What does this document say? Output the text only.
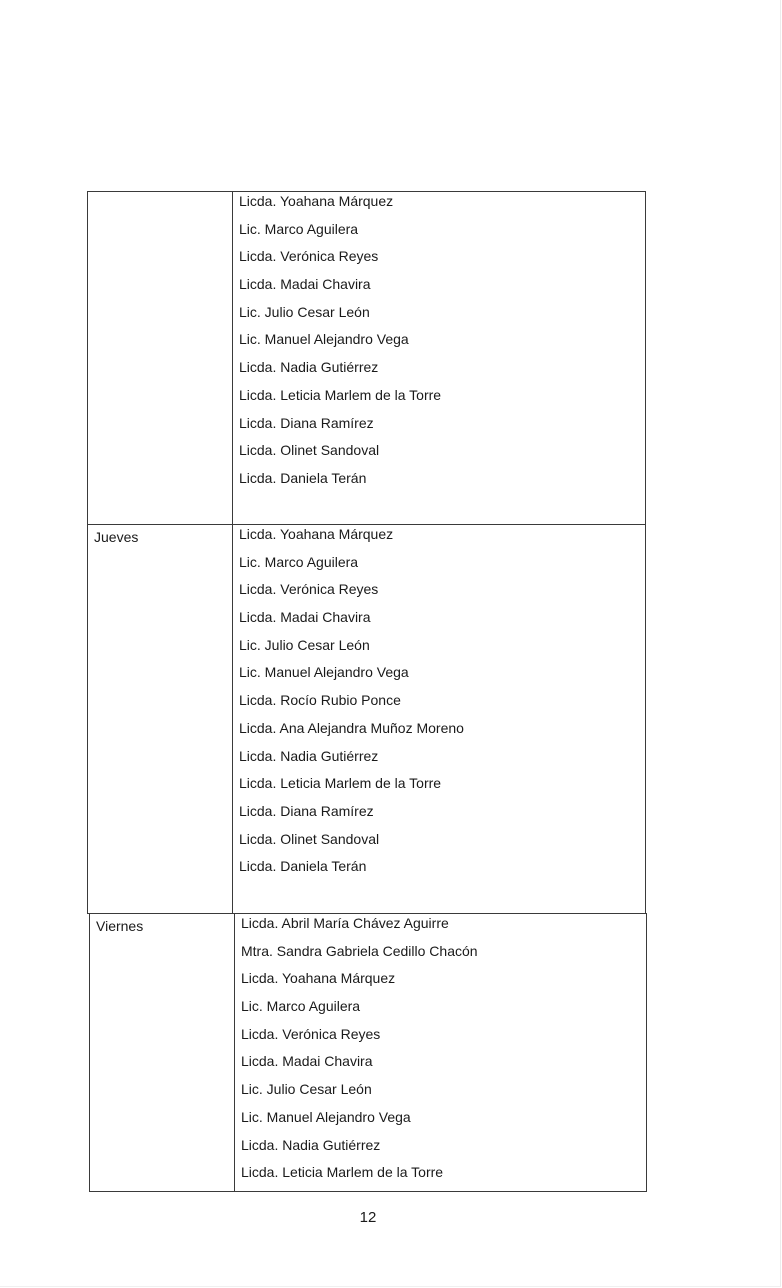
Licda. Yoahana Márquez
Lic. Marco Aguilera
Licda. Verónica Reyes
Licda. Madai Chavira
Lic. Julio Cesar León
Lic. Manuel Alejandro Vega
Licda. Nadia Gutiérrez
Licda. Leticia Marlem de la Torre
Licda. Diana Ramírez
Licda. Olinet Sandoval
Licda. Daniela Terán
Jueves	Licda. Yoahana Márquez
Lic. Marco Aguilera
Licda. Verónica Reyes
Licda. Madai Chavira
Lic. Julio Cesar León
Lic. Manuel Alejandro Vega
Licda. Rocío Rubio Ponce
Licda. Ana Alejandra Muñoz Moreno
Licda. Nadia Gutiérrez
Licda. Leticia Marlem de la Torre
Licda. Diana Ramírez
Licda. Olinet Sandoval
Licda. Daniela Terán
Viernes	Licda. Abril María Chávez Aguirre
Mtra. Sandra Gabriela Cedillo Chacón
Licda. Yoahana Márquez
Lic. Marco Aguilera
Licda. Verónica Reyes
Licda. Madai Chavira
Lic. Julio Cesar León
Lic. Manuel Alejandro Vega
Licda. Nadia Gutiérrez
Licda. Leticia Marlem de la Torre
12
